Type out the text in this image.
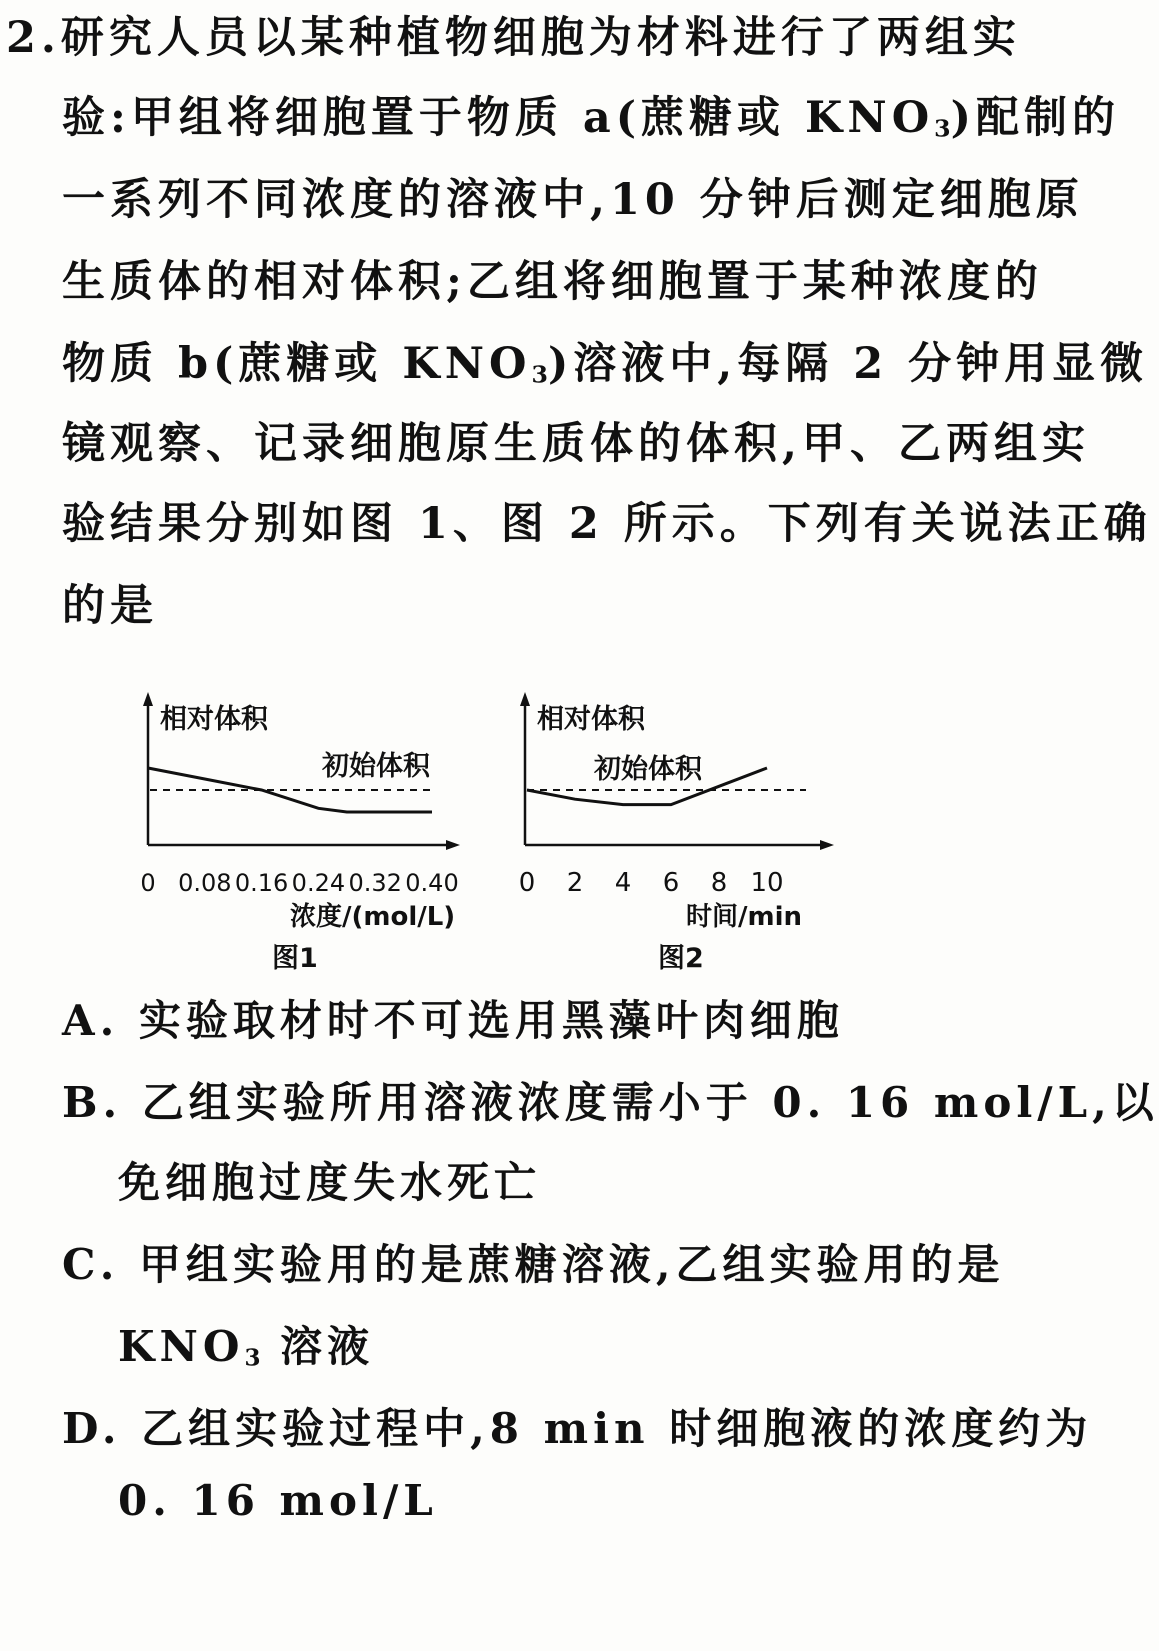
2.研究人员以某种植物细胞为材料进行了两组实
验:甲组将细胞置于物质 a(蔗糖或 $KNO_3$)配制的
一系列不同浓度的溶液中,10 分钟后测定细胞原
生质体的相对体积;乙组将细胞置于某种浓度的
物质 b(蔗糖或 $KNO_3$)溶液中,每隔 2 分钟用显微
镜观察、记录细胞原生质体的体积,甲、乙两组实
验结果分别如图 1、图 2 所示。下列有关说法正确
的是
相对体积
初始体积
0 0.08 0.16 0.24 0.32 0.40
浓度/(mol/L)
图1
相对体积
初始体积
0 2 4 6 8 10
时间/min
图2
A. 实验取材时不可选用黑藻叶肉细胞
B. 乙组实验所用溶液浓度需小于 0. 16 mol/L,以
免细胞过度失水死亡
C. 甲组实验用的是蔗糖溶液,乙组实验用的是
$KNO_3$ 溶液
D. 乙组实验过程中,8 min 时细胞液的浓度约为
0. 16 mol/L
